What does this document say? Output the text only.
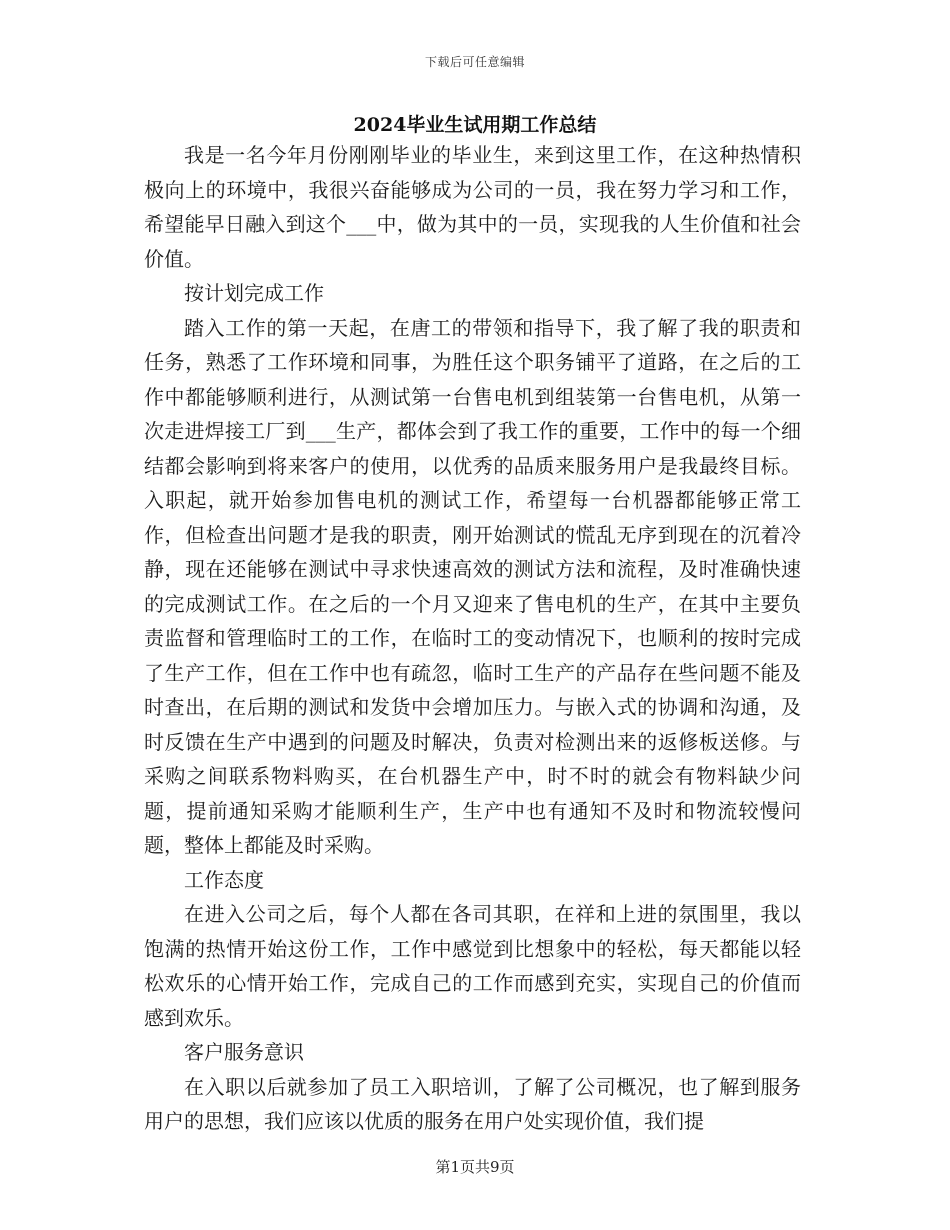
下载后可任意编辑
2024毕业生试用期工作总结

我是一名今年月份刚刚毕业的毕业生，来到这里工作，在这种热情积极向上的环境中，我很兴奋能够成为公司的一员，我在努力学习和工作，希望能早日融入到这个___中，做为其中的一员，实现我的人生价值和社会价值。

按计划完成工作

踏入工作的第一天起，在唐工的带领和指导下，我了解了我的职责和任务，熟悉了工作环境和同事，为胜任这个职务铺平了道路，在之后的工作中都能够顺利进行，从测试第一台售电机到组装第一台售电机，从第一次走进焊接工厂到___生产，都体会到了我工作的重要，工作中的每一个细结都会影响到将来客户的使用，以优秀的品质来服务用户是我最终目标。入职起，就开始参加售电机的测试工作，希望每一台机器都能够正常工作，但检查出问题才是我的职责，刚开始测试的慌乱无序到现在的沉着冷静，现在还能够在测试中寻求快速高效的测试方法和流程，及时准确快速的完成测试工作。在之后的一个月又迎来了售电机的生产，在其中主要负责监督和管理临时工的工作，在临时工的变动情况下，也顺利的按时完成了生产工作，但在工作中也有疏忽，临时工生产的产品存在些问题不能及时查出，在后期的测试和发货中会增加压力。与嵌入式的协调和沟通，及时反馈在生产中遇到的问题及时解决，负责对检测出来的返修板送修。与采购之间联系物料购买，在台机器生产中，时不时的就会有物料缺少问题，提前通知采购才能顺利生产，生产中也有通知不及时和物流较慢问题，整体上都能及时采购。

工作态度

在进入公司之后，每个人都在各司其职，在祥和上进的氛围里，我以饱满的热情开始这份工作，工作中感觉到比想象中的轻松，每天都能以轻松欢乐的心情开始工作，完成自己的工作而感到充实，实现自己的价值而感到欢乐。

客户服务意识

在入职以后就参加了员工入职培训，了解了公司概况，也了解到服务用户的思想，我们应该以优质的服务在用户处实现价值，我们提

第1页共9页
